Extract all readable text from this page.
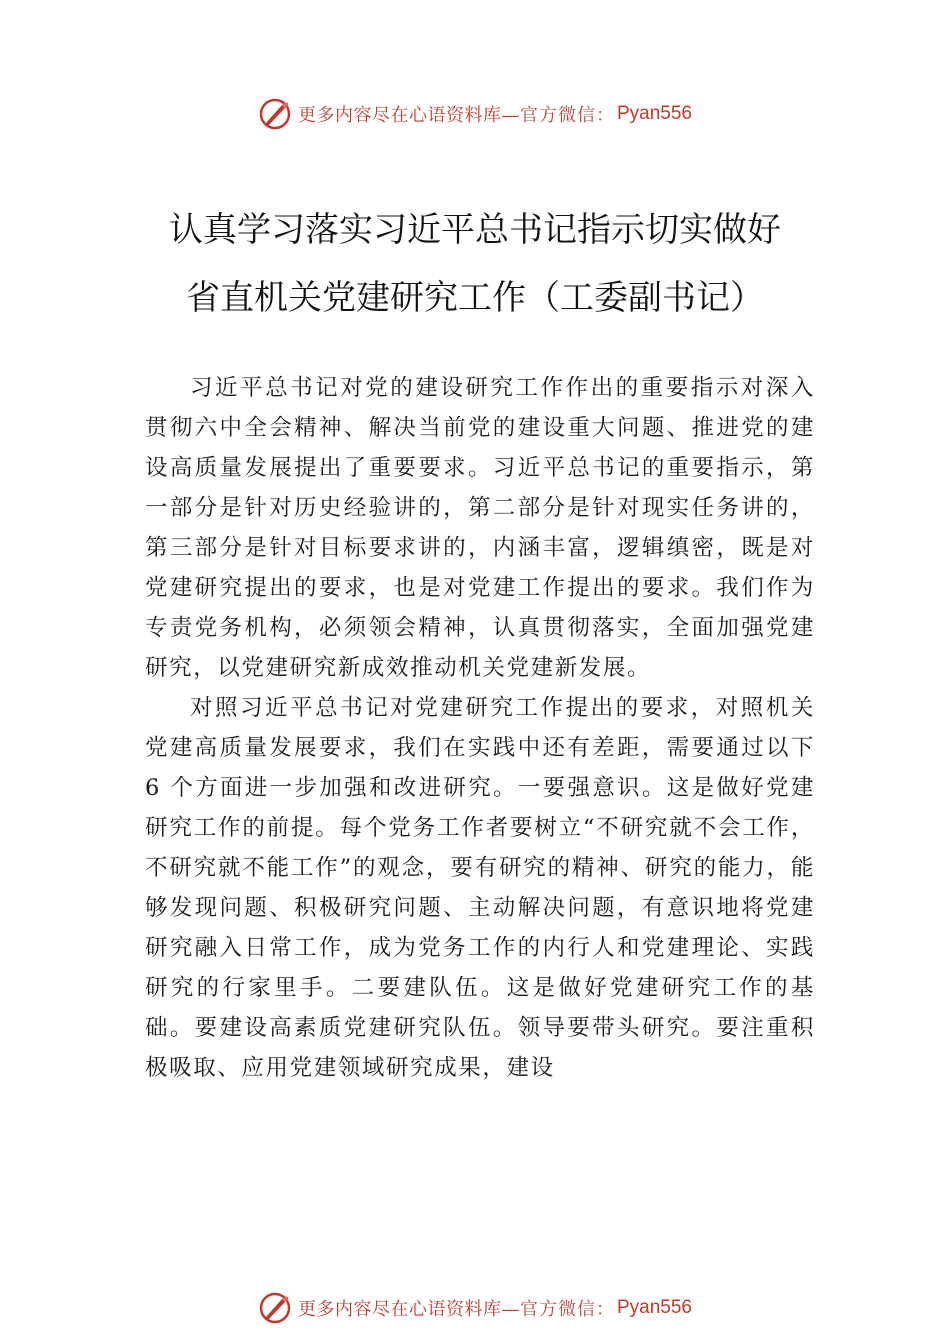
更多内容尽在心语资料库— 官方微信： Pyan556
认真学习落实习近平总书记指示切实做好
省直机关党建研究工作（工委副书记）

习近平总书记对党的建设研究工作作出的重要指示对深入贯彻六中全会精神、解决当前党的建设重大问题、推进党的建设高质量发展提出了重要要求。习近平总书记的重要指示，第一部分是针对历史经验讲的，第二部分是针对现实任务讲的，第三部分是针对目标要求讲的，内涵丰富，逻辑缜密，既是对党建研究提出的要求，也是对党建工作提出的要求。我们作为专责党务机构，必须领会精神，认真贯彻落实，全面加强党建研究，以党建研究新成效推动机关党建新发展。

对照习近平总书记对党建研究工作提出的要求，对照机关党建高质量发展要求，我们在实践中还有差距，需要通过以下 6 个方面进一步加强和改进研究。一要强意识。这是做好党建研究工作的前提。每个党务工作者要树立“不研究就不会工作，不研究就不能工作”的观念，要有研究的精神、研究的能力，能够发现问题、积极研究问题、主动解决问题，有意识地将党建研究融入日常工作，成为党务工作的内行人和党建理论、实践研究的行家里手。二要建队伍。这是做好党建研究工作的基础。要建设高素质党建研究队伍。领导要带头研究。要注重积极吸取、应用党建领域研究成果，建设

更多内容尽在心语资料库— 官方微信： Pyan556
